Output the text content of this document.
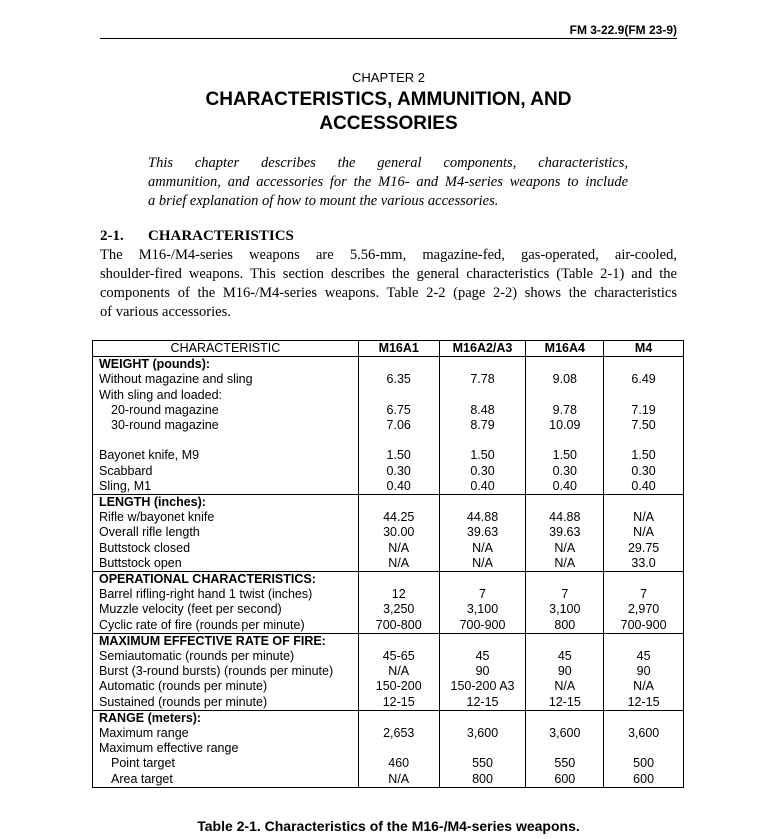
FM 3-22.9(FM 23-9)
CHAPTER 2
CHARACTERISTICS, AMMUNITION, AND
ACCESSORIES
This chapter describes the general components, characteristics,
ammunition, and accessories for the M16- and M4-series weapons to include
a brief explanation of how to mount the various accessories.
2-1. CHARACTERISTICS
The M16-/M4-series weapons are 5.56-mm, magazine-fed, gas-operated, air-cooled,
shoulder-fired weapons. This section describes the general characteristics (Table 2-1) and the
components of the M16-/M4-series weapons. Table 2-2 (page 2-2) shows the characteristics
of various accessories.
CHARACTERISTIC	M16A1	M16A2/A3	M16A4	M4
WEIGHT (pounds):				
Without magazine and sling	6.35	7.78	9.08	6.49
With sling and loaded:				
20-round magazine	6.75	8.48	9.78	7.19
30-round magazine	7.06	8.79	10.09	7.50

Bayonet knife, M9	1.50	1.50	1.50	1.50
Scabbard	0.30	0.30	0.30	0.30
Sling, M1	0.40	0.40	0.40	0.40
LENGTH (inches):				
Rifle w/bayonet knife	44.25	44.88	44.88	N/A
Overall rifle length	30.00	39.63	39.63	N/A
Buttstock closed	N/A	N/A	N/A	29.75
Buttstock open	N/A	N/A	N/A	33.0
OPERATIONAL CHARACTERISTICS:				
Barrel rifling-right hand 1 twist (inches)	12	7	7	7
Muzzle velocity (feet per second)	3,250	3,100	3,100	2,970
Cyclic rate of fire (rounds per minute)	700-800	700-900	800	700-900
MAXIMUM EFFECTIVE RATE OF FIRE:				
Semiautomatic (rounds per minute)	45-65	45	45	45
Burst (3-round bursts) (rounds per minute)	N/A	90	90	90
Automatic (rounds per minute)	150-200	150-200 A3	N/A	N/A
Sustained (rounds per minute)	12-15	12-15	12-15	12-15
RANGE (meters):				
Maximum range	2,653	3,600	3,600	3,600
Maximum effective range				
Point target	460	550	550	500
Area target	N/A	800	600	600
Table 2-1. Characteristics of the M16-/M4-series weapons.
